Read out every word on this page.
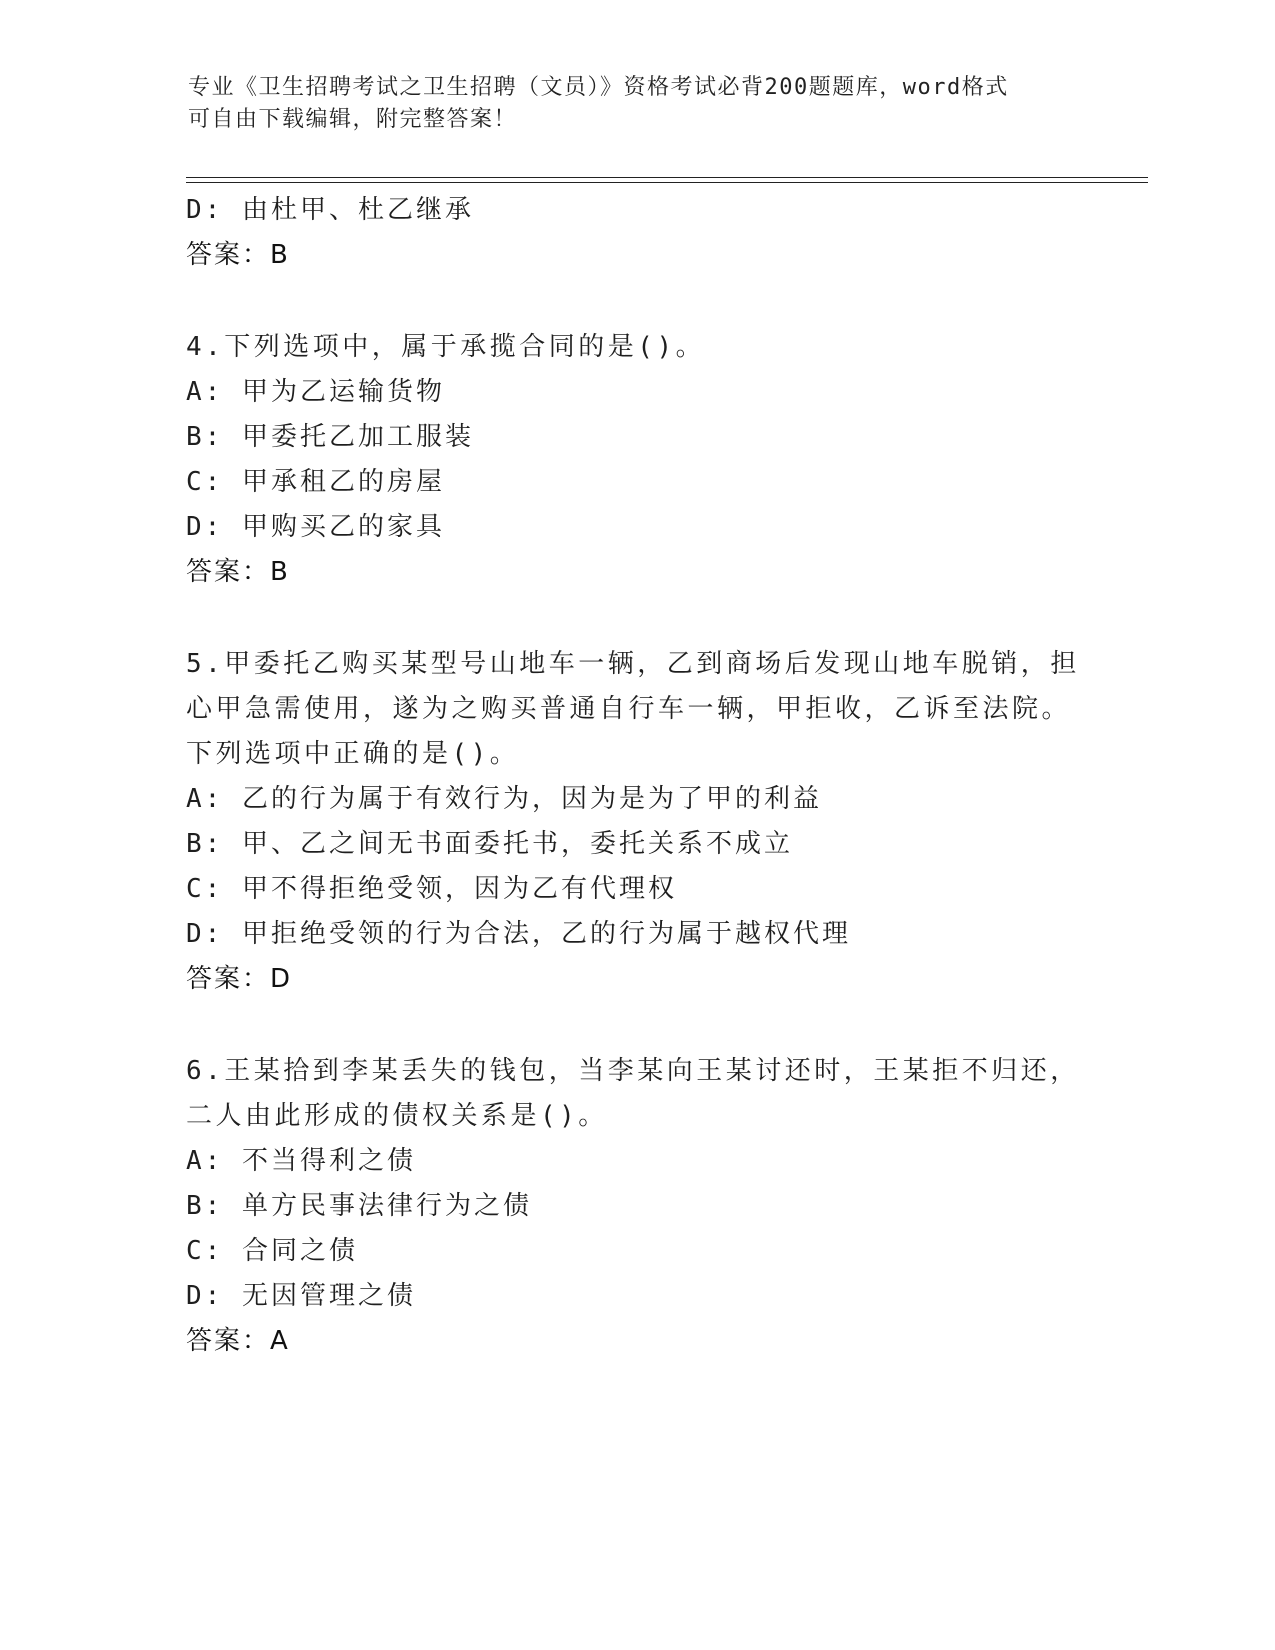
专业《卫生招聘考试之卫生招聘（文员）》资格考试必背200题题库，word格式
可自由下载编辑，附完整答案！
D: 由杜甲、杜乙继承
答案：B
4.下列选项中，属于承揽合同的是()。
A: 甲为乙运输货物
B: 甲委托乙加工服装
C: 甲承租乙的房屋
D: 甲购买乙的家具
答案：B
5.甲委托乙购买某型号山地车一辆，乙到商场后发现山地车脱销，担
心甲急需使用，遂为之购买普通自行车一辆，甲拒收，乙诉至法院。
下列选项中正确的是()。
A: 乙的行为属于有效行为，因为是为了甲的利益
B: 甲、乙之间无书面委托书，委托关系不成立
C: 甲不得拒绝受领，因为乙有代理权
D: 甲拒绝受领的行为合法，乙的行为属于越权代理
答案：D
6.王某拾到李某丢失的钱包，当李某向王某讨还时，王某拒不归还，
二人由此形成的债权关系是()。
A: 不当得利之债
B: 单方民事法律行为之债
C: 合同之债
D: 无因管理之债
答案：A
